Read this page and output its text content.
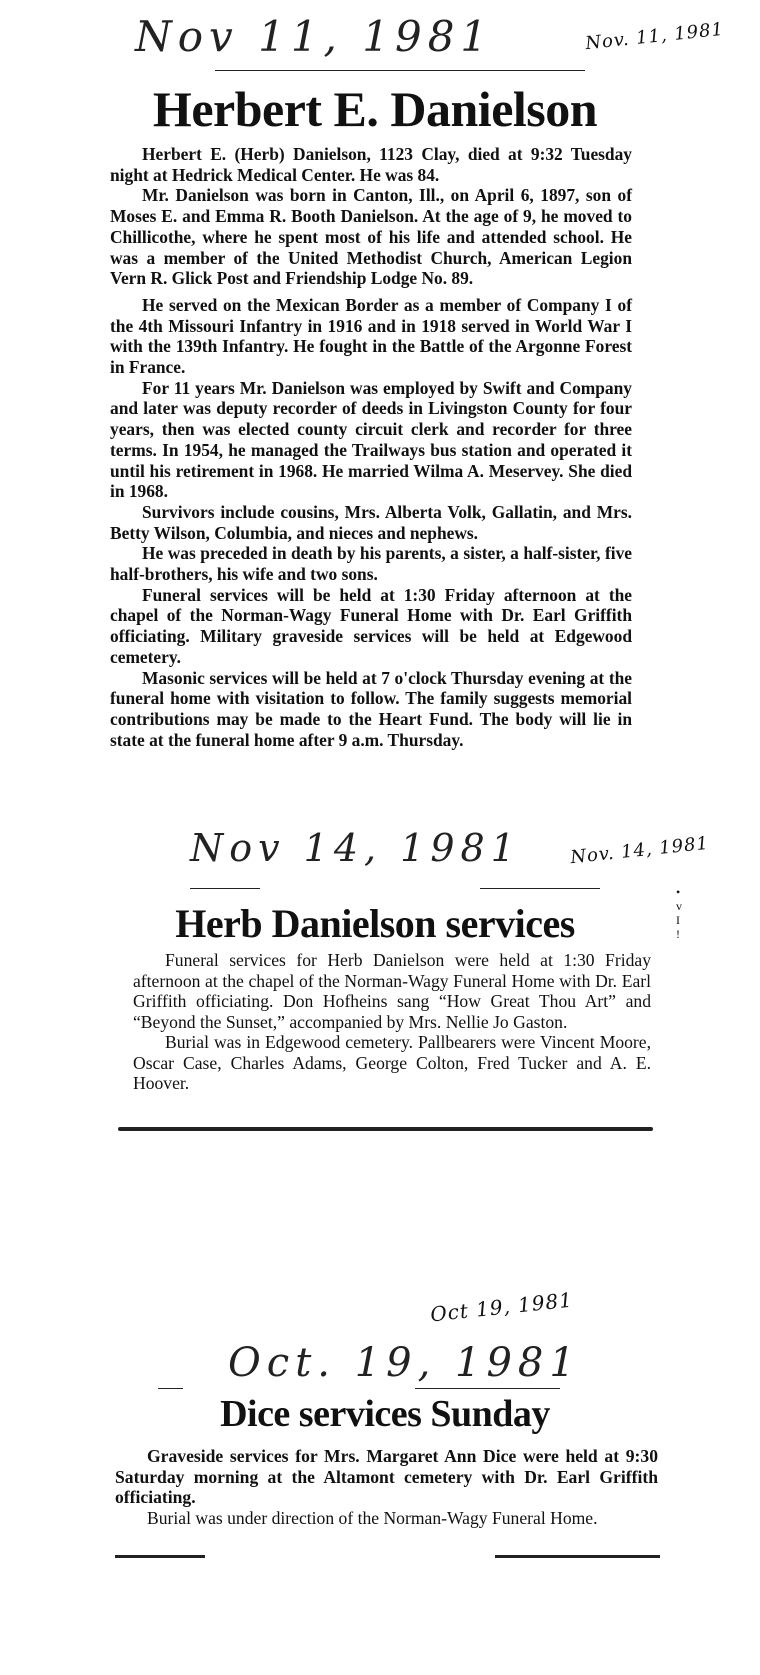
Nov 11, 1981	Nov. 11, 1981
Herbert E. Danielson

Herbert E. (Herb) Danielson, 1123 Clay, died at 9:32 Tuesday night at Hedrick Medical Center. He was 84.

Mr. Danielson was born in Canton, Ill., on April 6, 1897, son of Moses E. and Emma R. Booth Danielson. At the age of 9, he moved to Chillicothe, where he spent most of his life and attended school. He was a member of the United Methodist Church, American Legion Vern R. Glick Post and Friendship Lodge No. 89.

He served on the Mexican Border as a member of Company I of the 4th Missouri Infantry in 1916 and in 1918 served in World War I with the 139th Infantry. He fought in the Battle of the Argonne Forest in France.

For 11 years Mr. Danielson was employed by Swift and Company and later was deputy recorder of deeds in Livingston County for four years, then was elected county circuit clerk and recorder for three terms. In 1954, he managed the Trailways bus station and operated it until his retirement in 1968. He married Wilma A. Meservey. She died in 1968.

Survivors include cousins, Mrs. Alberta Volk, Gallatin, and Mrs. Betty Wilson, Columbia, and nieces and nephews.

He was preceded in death by his parents, a sister, a half-sister, five half-brothers, his wife and two sons.

Funeral services will be held at 1:30 Friday afternoon at the chapel of the Norman-Wagy Funeral Home with Dr. Earl Griffith officiating. Military graveside services will be held at Edgewood cemetery.

Masonic services will be held at 7 o'clock Thursday evening at the funeral home with visitation to follow. The family suggests memorial contributions may be made to the Heart Fund. The body will lie in state at the funeral home after 9 a.m. Thursday.

Nov 14, 1981	Nov. 14, 1981
Herb Danielson services

Funeral services for Herb Danielson were held at 1:30 Friday afternoon at the chapel of the Norman-Wagy Funeral Home with Dr. Earl Griffith officiating. Don Hofheins sang “How Great Thou Art” and “Beyond the Sunset,” accompanied by Mrs. Nellie Jo Gaston.

Burial was in Edgewood cemetery. Pallbearers were Vincent Moore, Oscar Case, Charles Adams, George Colton, Fred Tucker and A. E. Hoover.

•
v
I
!
Oct 19, 1981
Oct. 19, 1981
Dice services Sunday

Graveside services for Mrs. Margaret Ann Dice were held at 9:30 Saturday morning at the Altamont cemetery with Dr. Earl Griffith officiating.

Burial was under direction of the Norman-Wagy Funeral Home.
